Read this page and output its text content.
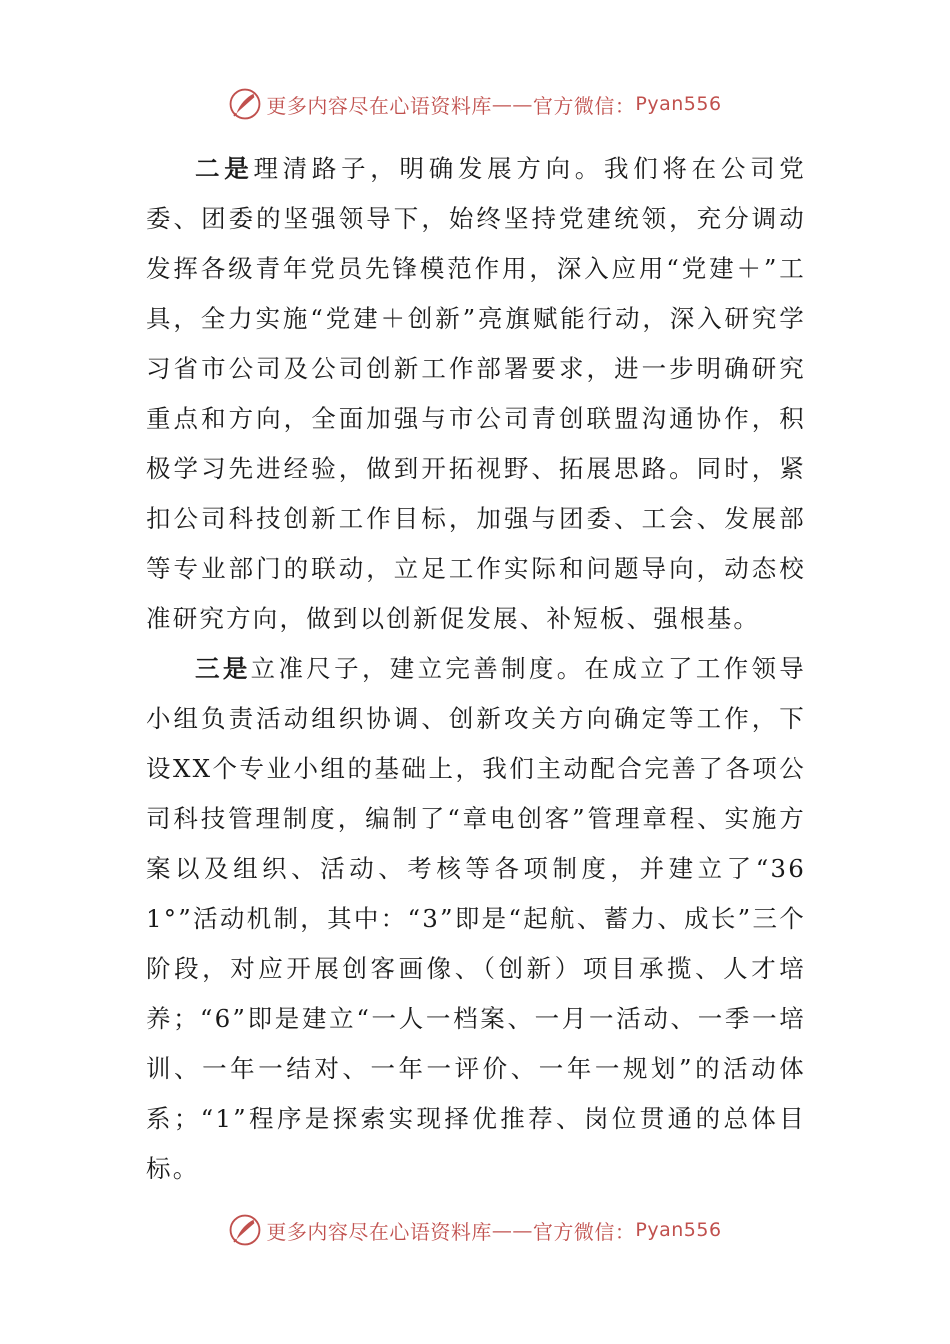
更多内容尽在心语资料库 —— 官方微信： Pyan556

二是理清路子，明确发展方向。我们将在公司党委、团委的坚强领导下，始终坚持党建统领，充分调动发挥各级青年党员先锋模范作用，深入应用“党建＋”工具，全力实施“党建＋创新”亮旗赋能行动，深入研究学习省市公司及公司创新工作部署要求，进一步明确研究重点和方向，全面加强与市公司青创联盟沟通协作，积极学习先进经验，做到开拓视野、拓展思路。同时，紧扣公司科技创新工作目标，加强与团委、工会、发展部等专业部门的联动，立足工作实际和问题导向，动态校准研究方向，做到以创新促发展、补短板、强根基。

三是立准尺子，建立完善制度。在成立了工作领导小组负责活动组织协调、创新攻关方向确定等工作，下设XX个专业小组的基础上，我们主动配合完善了各项公司科技管理制度，编制了“章电创客”管理章程、实施方案以及组织、活动、考核等各项制度，并建立了“361°”活动机制，其中：“3”即是“起航、蓄力、成长”三个阶段，对应开展创客画像、（创新）项目承揽、人才培养；“6”即是建立“一人一档案、一月一活动、一季一培训、一年一结对、一年一评价、一年一规划”的活动体系；“1”程序是探索实现择优推荐、岗位贯通的总体目标。

更多内容尽在心语资料库 —— 官方微信： Pyan556
